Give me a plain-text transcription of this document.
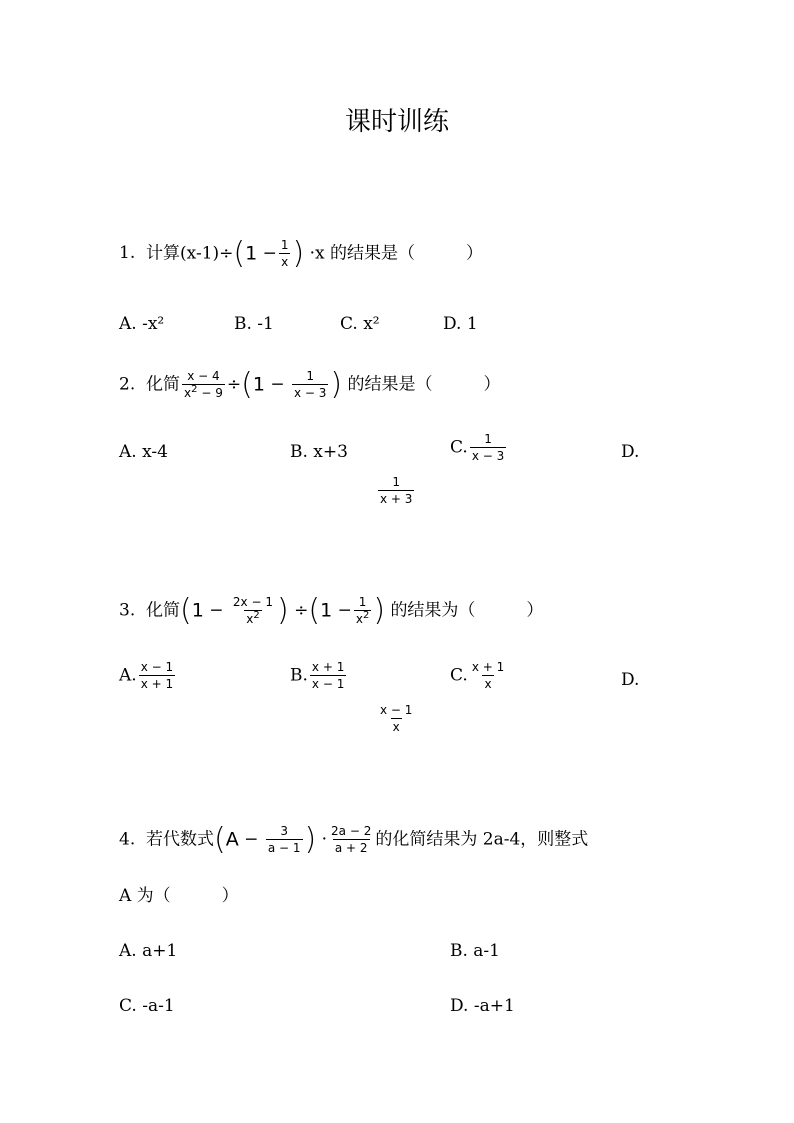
课时训练
1. 计算$(x-1)\div(1 - \frac{1}{x}$ ) ·x 的结果是（　　　）
A. -x²	B. -1	C. x²	D. 1
2. 化简 $\frac{x - 4}{x^2 - 9} \div(1 - \frac{1}{x - 3}$ ) 的结果是（　　　）
A. x-4	B. x+3	C. $\frac{1}{x - 3}$	D.
$\frac{1}{x + 3}$
3. 化简($1 - \frac{2x - 1}{x^2}$ ) $\div(1 - \frac{1}{x^2}$ ) 的结果为（　　　）
A. $\frac{x - 1}{x + 1}$	B. $\frac{x + 1}{x - 1}$	C. $\frac{x + 1}{x}$	D.
$\frac{x - 1}{x}$
4. 若代数式($A - \frac{3}{a - 1}$ ) · $\frac{2a - 2}{a + 2}$ 的化简结果为 2a-4，则整式
A 为（　　　）
A. a+1	B. a-1
C. -a-1	D. -a+1
